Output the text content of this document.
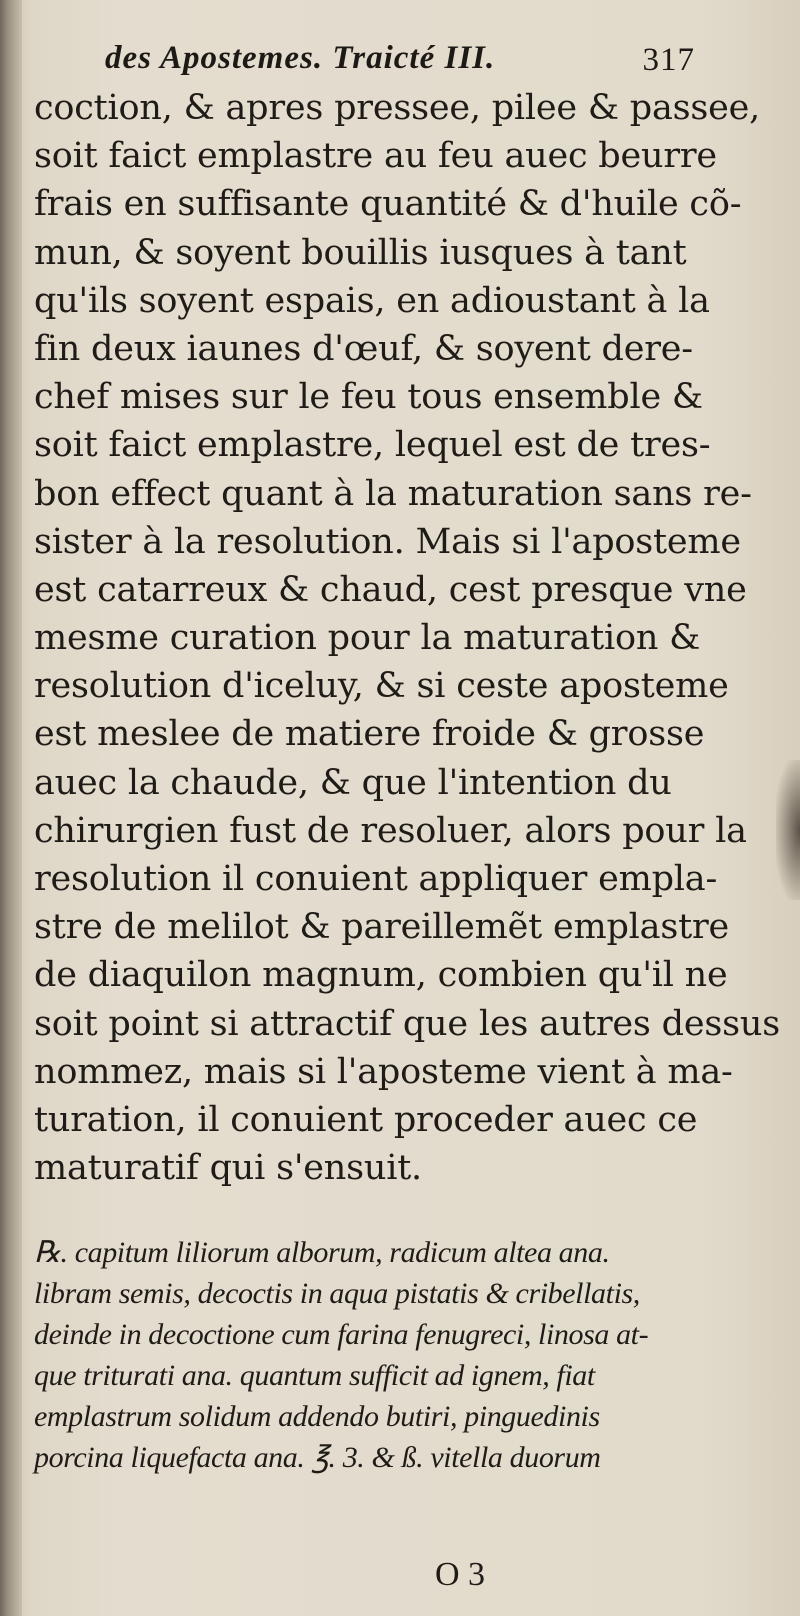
des Apostemes. Traicté III.	317
coction, & apres pressee, pilee & passee,
soit faict emplastre au feu auec beurre
frais en suffisante quantité & d'huile cõ-
mun, & soyent bouillis iusques à tant
qu'ils soyent espais, en adioustant à la
fin deux iaunes d'œuf, & soyent dere-
chef mises sur le feu tous ensemble &
soit faict emplastre, lequel est de tres-
bon effect quant à la maturation sans re-
sister à la resolution. Mais si l'aposteme
est catarreux & chaud, cest presque vne
mesme curation pour la maturation &
resolution d'iceluy, & si ceste aposteme
est meslee de matiere froide & grosse
auec la chaude, & que l'intention du
chirurgien fust de resoluer, alors pour la
resolution il conuient appliquer empla-
stre de melilot & pareillemẽt emplastre
de diaquilon magnum, combien qu'il ne
soit point si attractif que les autres dessus
nommez, mais si l'aposteme vient à ma-
turation, il conuient proceder auec ce
maturatif qui s'ensuit.
℞. capitum liliorum alborum, radicum altea ana.
libram semis, decoctis in aqua pistatis & cribellatis,
deinde in decoctione cum farina fenugreci, linosa at-
que triturati ana. quantum sufficit ad ignem, fiat
emplastrum solidum addendo butiri, pinguedinis
porcina liquefacta ana. ℥. 3. & ß. vitella duorum
O 3
